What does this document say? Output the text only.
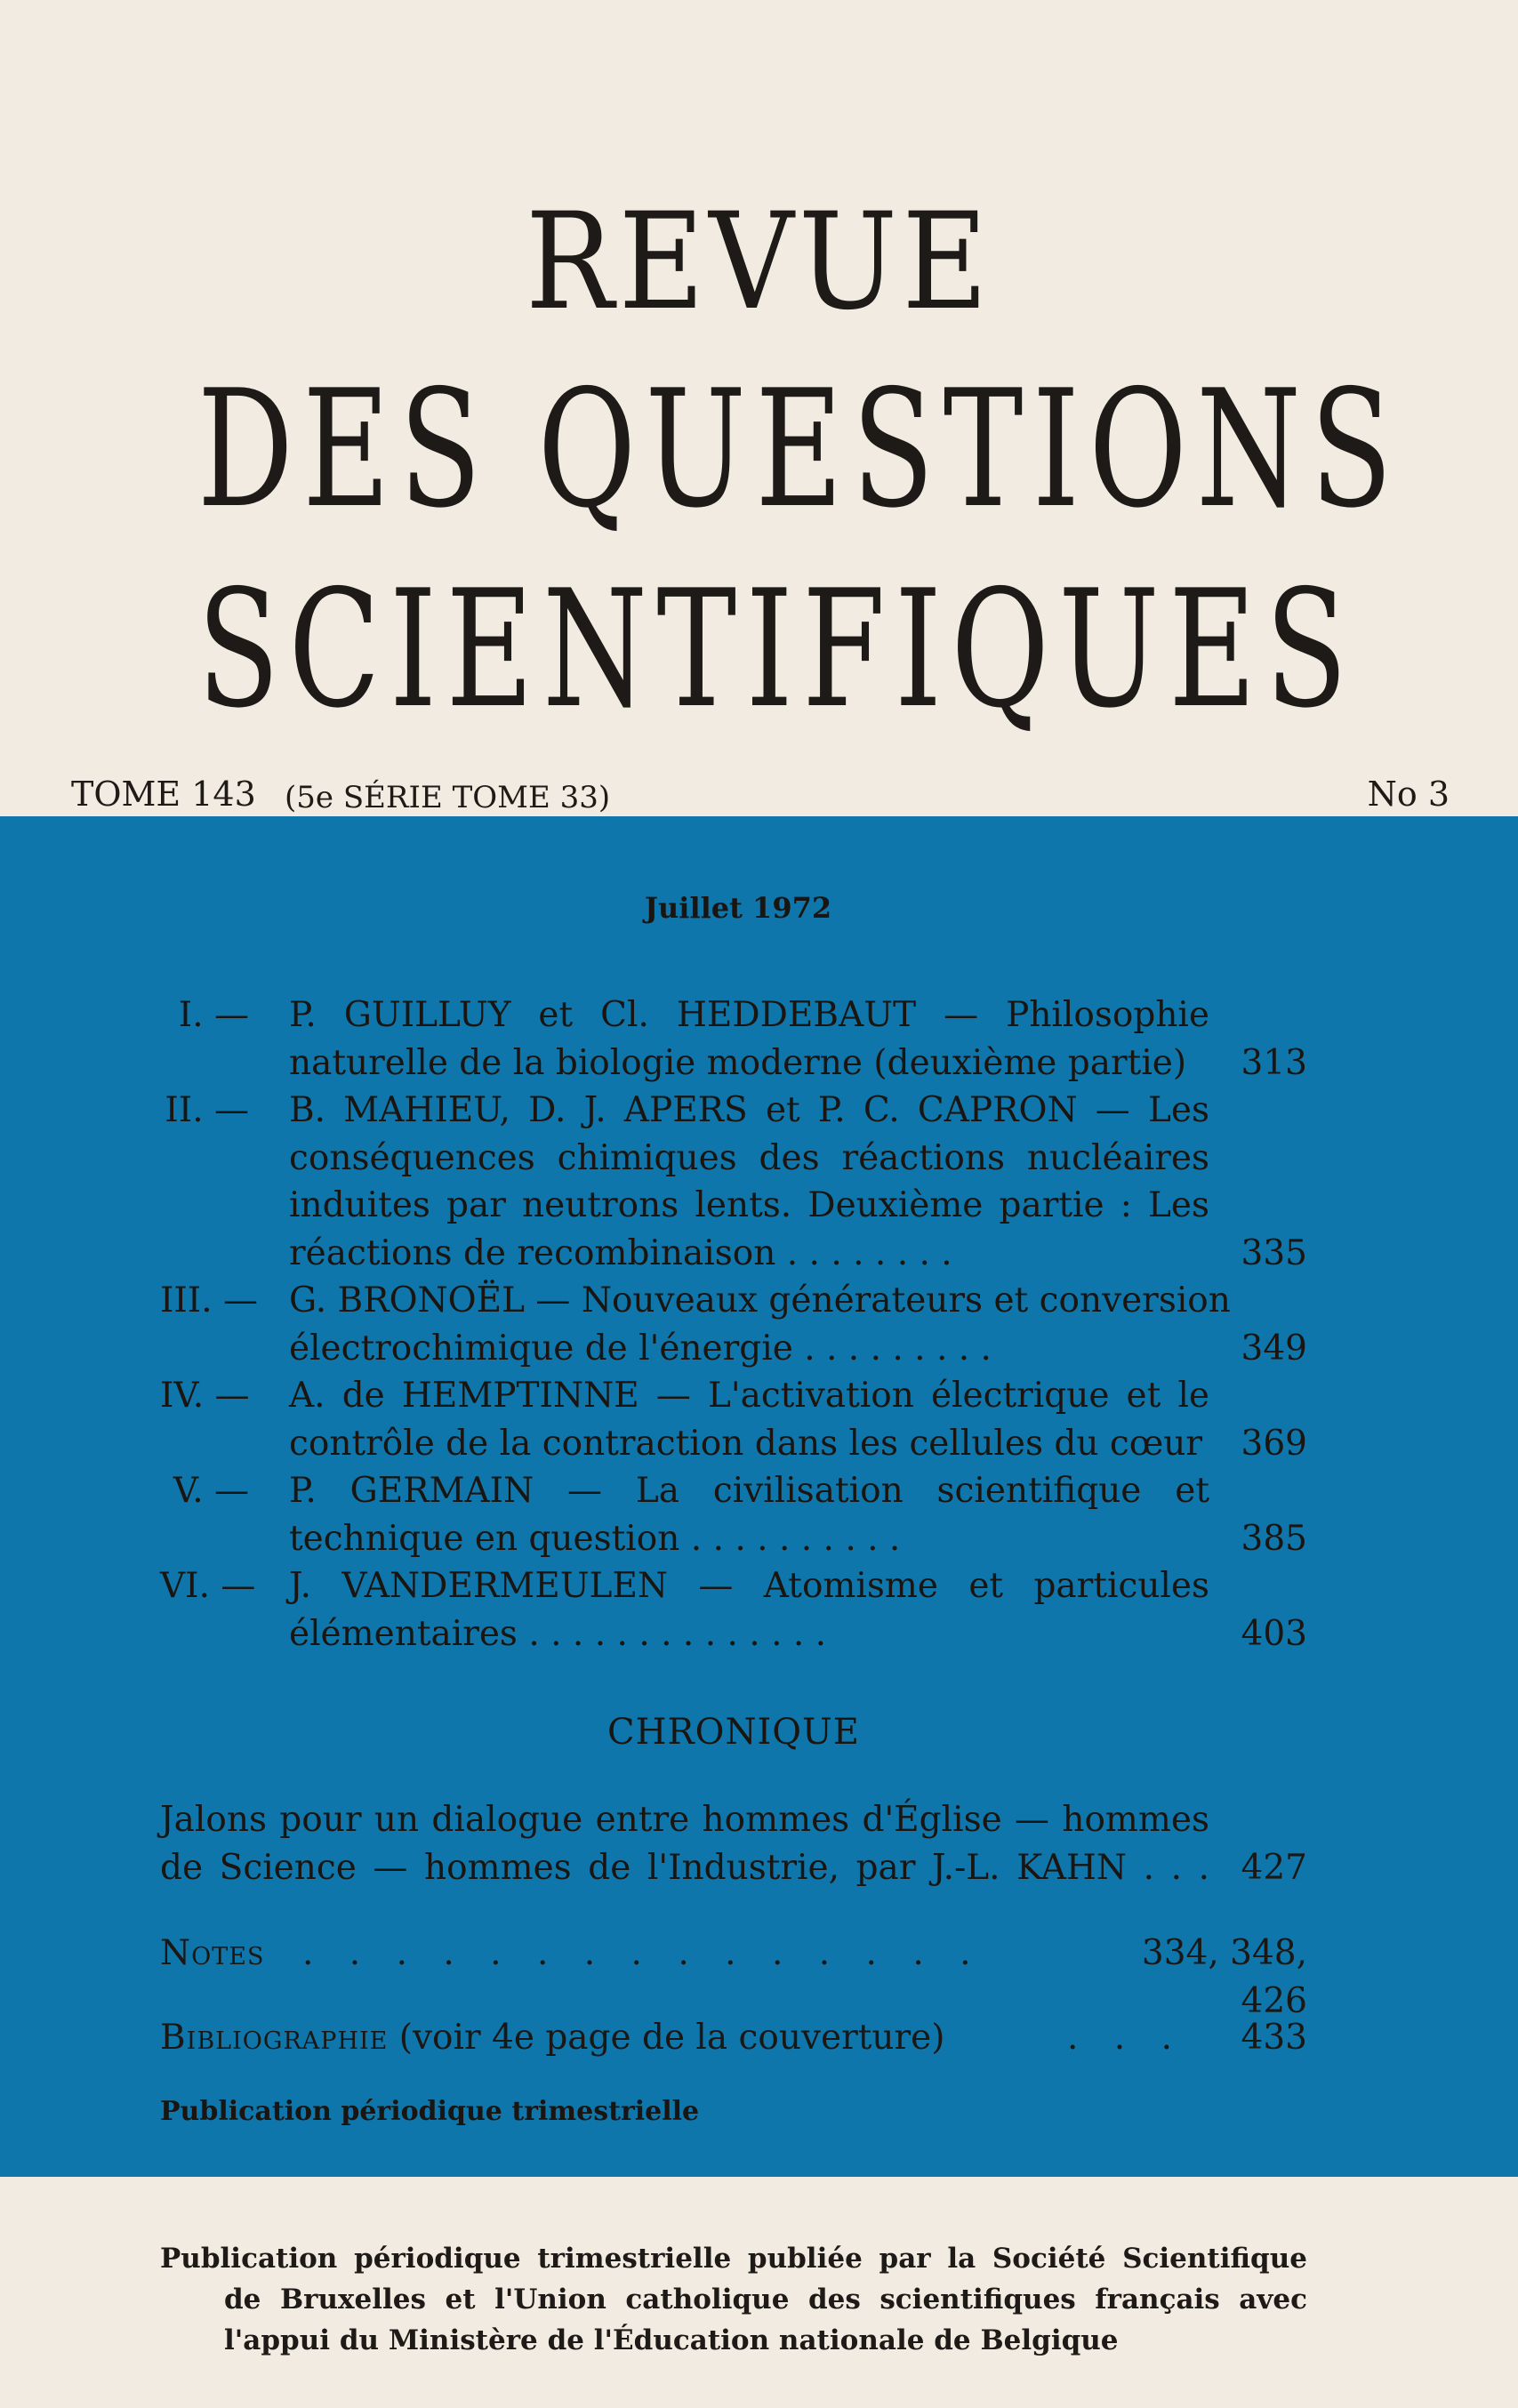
REVUE
DES QUESTIONS
SCIENTIFIQUES
TOME 143 (5e SÉRIE TOME 33)	No 3
Juillet 1972
I. — P. GUILLUY et Cl. HEDDEBAUT — Philosophie
naturelle de la biologie moderne (deuxième partie)	313
II. — B. MAHIEU, D. J. APERS et P. C. CAPRON — Les
conséquences chimiques des réactions nucléaires
induites par neutrons lents. Deuxième partie : Les
réactions de recombinaison . . . . . . . .	335
III. — G. BRONOËL — Nouveaux générateurs et conversion
électrochimique de l'énergie . . . . . . . . .	349
IV. — A. de HEMPTINNE — L'activation électrique et le
contrôle de la contraction dans les cellules du cœur 369
V. — P. GERMAIN — La civilisation scientifique et
technique en question . . . . . . . . . .	385
VI. — J. VANDERMEULEN — Atomisme et particules
élémentaires . . . . . . . . . . . . . .	403
CHRONIQUE
Jalons pour un dialogue entre hommes d'Église — hommes
de Science — hommes de l'Industrie, par J.-L. KAHN . . . 427
Notes . . . . . . . . . . . . . . .	334, 348, 426
Bibliographie (voir 4e page de la couverture)	. . . 433
Publication périodique trimestrielle
Publication périodique trimestrielle publiée par la Société Scientifique
de Bruxelles et l'Union catholique des scientifiques français avec
l'appui du Ministère de l'Éducation nationale de Belgique
